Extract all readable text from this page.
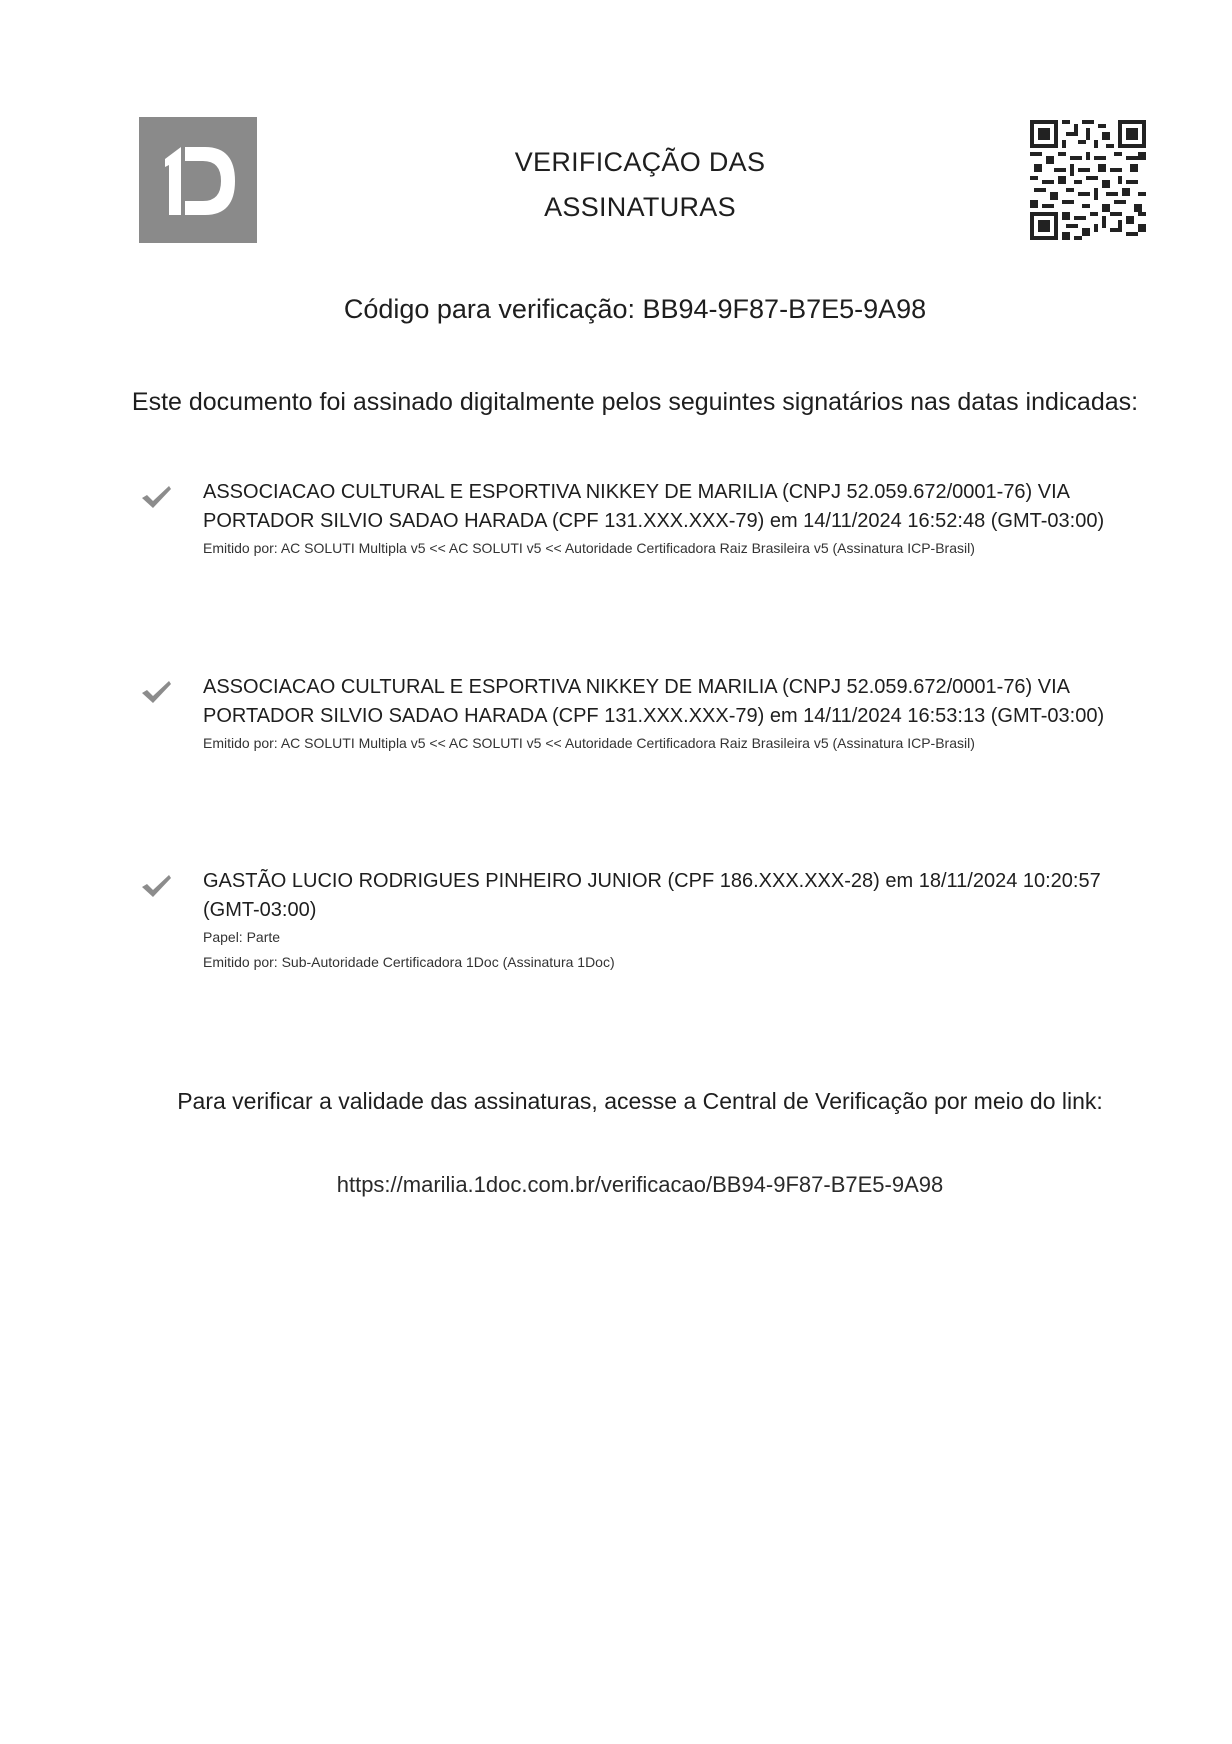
VERIFICAÇÃO DAS
ASSINATURAS
Código para verificação: BB94-9F87-B7E5-9A98
Este documento foi assinado digitalmente pelos seguintes signatários nas datas indicadas:
ASSOCIACAO CULTURAL E ESPORTIVA NIKKEY DE MARILIA (CNPJ 52.059.672/0001-76) VIA
PORTADOR SILVIO SADAO HARADA (CPF 131.XXX.XXX-79) em 14/11/2024 16:52:48 (GMT-03:00)
Emitido por: AC SOLUTI Multipla v5 << AC SOLUTI v5 << Autoridade Certificadora Raiz Brasileira v5 (Assinatura ICP-Brasil)
ASSOCIACAO CULTURAL E ESPORTIVA NIKKEY DE MARILIA (CNPJ 52.059.672/0001-76) VIA
PORTADOR SILVIO SADAO HARADA (CPF 131.XXX.XXX-79) em 14/11/2024 16:53:13 (GMT-03:00)
Emitido por: AC SOLUTI Multipla v5 << AC SOLUTI v5 << Autoridade Certificadora Raiz Brasileira v5 (Assinatura ICP-Brasil)
GASTÃO LUCIO RODRIGUES PINHEIRO JUNIOR (CPF 186.XXX.XXX-28) em 18/11/2024 10:20:57
(GMT-03:00)
Papel: Parte
Emitido por: Sub-Autoridade Certificadora 1Doc (Assinatura 1Doc)
Para verificar a validade das assinaturas, acesse a Central de Verificação por meio do link:
https://marilia.1doc.com.br/verificacao/BB94-9F87-B7E5-9A98
